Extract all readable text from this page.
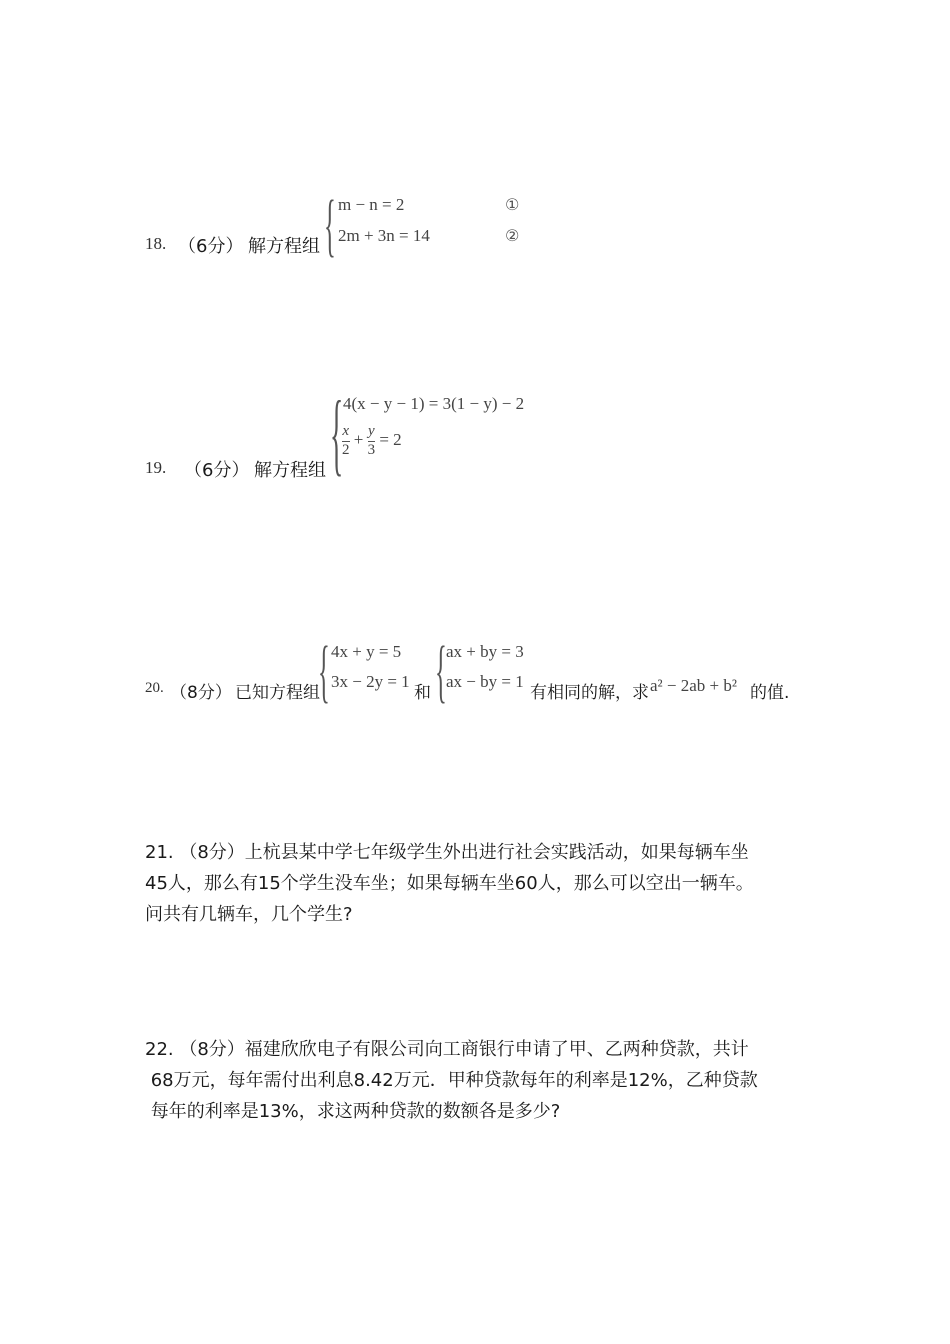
18. （6分） 解方程组 { m − n = 2
2m + 3n = 14
①
②
19. （6分） 解方程组 { 4(x − y − 1) = 3(1 − y) − 2
$\frac{x}{2} + \frac{y}{3} = 2$
20. （8分） 已知方程组
{ 4x + y = 5
3x − 2y = 1
和 { ax + by = 3
ax − by = 1
有相同的解，求 a² − 2ab + b² 的值.
21. （8分）上杭县某中学七年级学生外出进行社会实践活动，如果每辆车坐
45人，那么有15个学生没车坐；如果每辆车坐60人，那么可以空出一辆车。
问共有几辆车，几个学生?
22. （8分）福建欣欣电子有限公司向工商银行申请了甲、乙两种贷款，共计
68万元，每年需付出利息8.42万元．甲种贷款每年的利率是12%，乙种贷款
每年的利率是13%，求这两种贷款的数额各是多少?
